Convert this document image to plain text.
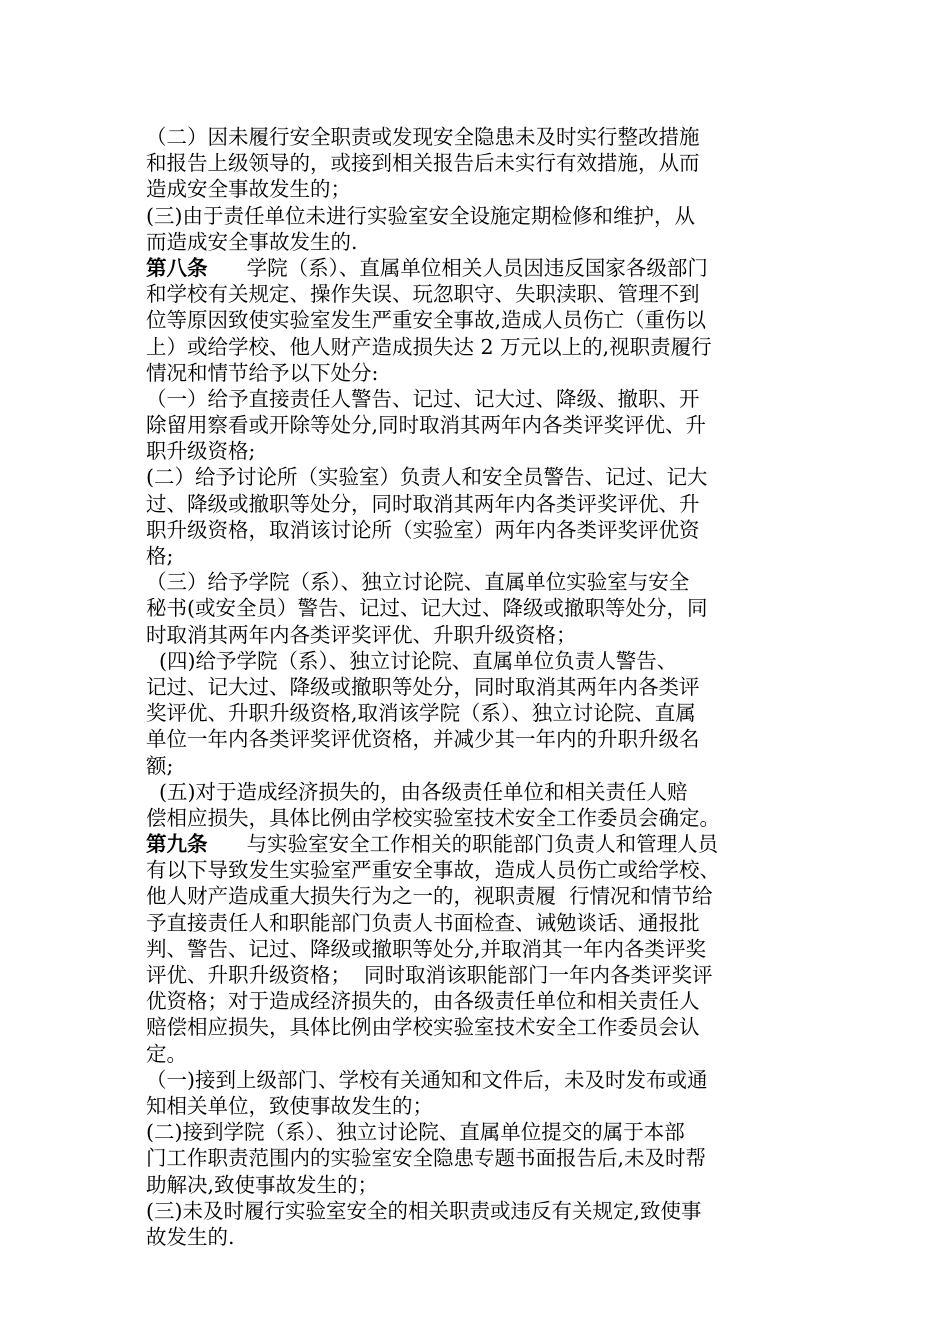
（二）因未履行安全职责或发现安全隐患未及时实行整改措施
和报告上级领导的，或接到相关报告后未实行有效措施，从而
造成安全事故发生的；
(三)由于责任单位未进行实验室安全设施定期检修和维护，从
而造成安全事故发生的.
第八条 学院（系）、直属单位相关人员因违反国家各级部门
和学校有关规定、操作失误、玩忽职守、失职渎职、管理不到
位等原因致使实验室发生严重安全事故,造成人员伤亡（重伤以
上）或给学校、他人财产造成损失达 2 万元以上的,视职责履行
情况和情节给予以下处分:
（一）给予直接责任人警告、记过、记大过、降级、撤职、开
除留用察看或开除等处分,同时取消其两年内各类评奖评优、升
职升级资格;
(二）给予讨论所（实验室）负责人和安全员警告、记过、记大
过、降级或撤职等处分，同时取消其两年内各类评奖评优、升
职升级资格，取消该讨论所（实验室）两年内各类评奖评优资
格;
（三）给予学院（系）、独立讨论院、直属单位实验室与安全
秘书(或安全员）警告、记过、记大过、降级或撤职等处分，同
时取消其两年内各类评奖评优、升职升级资格；
(四)给予学院（系）、独立讨论院、直属单位负责人警告、
记过、记大过、降级或撤职等处分，同时取消其两年内各类评
奖评优、升职升级资格,取消该学院（系）、独立讨论院、直属
单位一年内各类评奖评优资格，并减少其一年内的升职升级名
额;
(五)对于造成经济损失的，由各级责任单位和相关责任人赔
偿相应损失，具体比例由学校实验室技术安全工作委员会确定。
第九条 与实验室安全工作相关的职能部门负责人和管理人员
有以下导致发生实验室严重安全事故，造成人员伤亡或给学校、
他人财产造成重大损失行为之一的，视职责履  行情况和情节给
予直接责任人和职能部门负责人书面检查、诫勉谈话、通报批
判、警告、记过、降级或撤职等处分,并取消其一年内各类评奖
评优、升职升级资格；  同时取消该职能部门一年内各类评奖评
优资格；对于造成经济损失的，由各级责任单位和相关责任人
赔偿相应损失，具体比例由学校实验室技术安全工作委员会认
定。
（一)接到上级部门、学校有关通知和文件后，未及时发布或通
知相关单位，致使事故发生的；
(二)接到学院（系）、独立讨论院、直属单位提交的属于本部
门工作职责范围内的实验室安全隐患专题书面报告后,未及时帮
助解决,致使事故发生的；
(三)未及时履行实验室安全的相关职责或违反有关规定,致使事
故发生的.
